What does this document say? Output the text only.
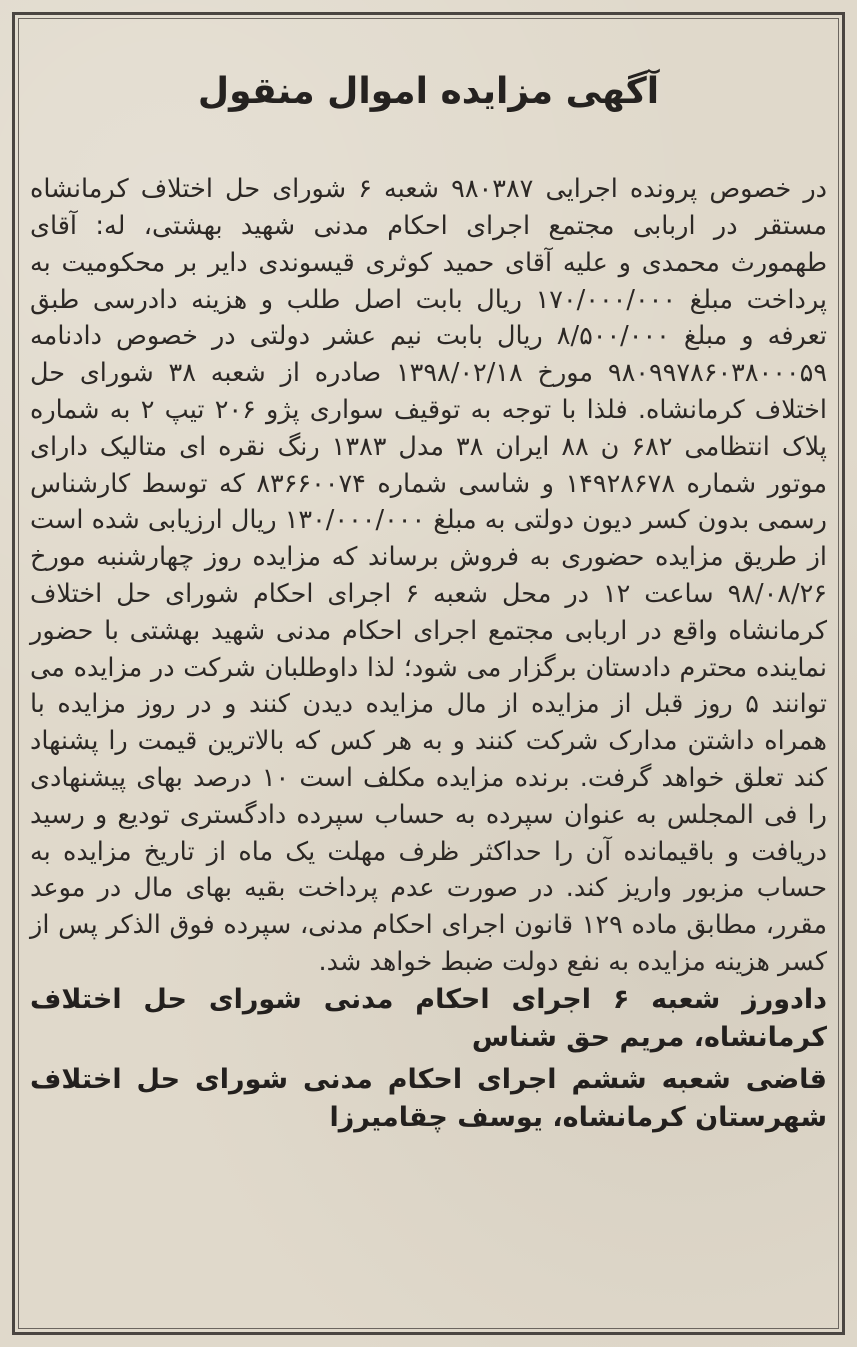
آگهی مزایده اموال منقول

در خصوص پرونده اجرایی ۹۸۰۳۸۷ شعبه ۶ شورای حل اختلاف کرمانشاه مستقر در اربابی مجتمع اجرای احکام مدنی شهید بهشتی، له: آقای طهمورث محمدی و علیه آقای حمید کوثری قیسوندی دایر بر محکومیت به پرداخت مبلغ ۱۷۰/۰۰۰/۰۰۰ ریال بابت اصل طلب و هزینه دادرسی طبق تعرفه و مبلغ ۸/۵۰۰/۰۰۰ ریال بابت نیم عشر دولتی در خصوص دادنامه ۹۸۰۹۹۷۸۶۰۳۸۰۰۰۵۹ مورخ ۱۳۹۸/۰۲/۱۸ صادره از شعبه ۳۸ شورای حل اختلاف کرمانشاه. فلذا با توجه به توقیف سواری پژو ۲۰۶ تیپ ۲ به شماره پلاک انتظامی ۶۸۲ ن ۸۸ ایران ۳۸ مدل ۱۳۸۳ رنگ نقره ای متالیک دارای موتور شماره ۱۴۹۲۸۶۷۸ و شاسی شماره ۸۳۶۶۰۰۷۴ که توسط کارشناس رسمی بدون کسر دیون دولتی به مبلغ ۱۳۰/۰۰۰/۰۰۰ ریال ارزیابی شده است از طریق مزایده حضوری به فروش برساند که مزایده روز چهارشنبه مورخ ۹۸/۰۸/۲۶ ساعت ۱۲ در محل شعبه ۶ اجرای احکام شورای حل اختلاف کرمانشاه واقع در اربابی مجتمع اجرای احکام مدنی شهید بهشتی با حضور نماینده محترم دادستان برگزار می شود؛ لذا داوطلبان شرکت در مزایده می توانند ۵ روز قبل از مزایده از مال مزایده دیدن کنند و در روز مزایده با همراه داشتن مدارک شرکت کنند و به هر کس که بالاترین قیمت را پشنهاد کند تعلق خواهد گرفت. برنده مزایده مکلف است ۱۰ درصد بهای پیشنهادی را فی المجلس به عنوان سپرده به حساب سپرده دادگستری تودیع و رسید دریافت و باقیمانده آن را حداکثر ظرف مهلت یک ماه از تاریخ مزایده به حساب مزبور واریز کند. در صورت عدم پرداخت بقیه بهای مال در موعد مقرر، مطابق ماده ۱۲۹ قانون اجرای احکام مدنی، سپرده فوق الذکر پس از کسر هزینه مزایده به نفع دولت ضبط خواهد شد.

دادورز شعبه ۶ اجرای احکام مدنی شورای حل اختلاف کرمانشاه، مریم حق شناس

قاضی شعبه ششم اجرای احکام مدنی شورای حل اختلاف شهرستان کرمانشاه، یوسف چقامیرزا
